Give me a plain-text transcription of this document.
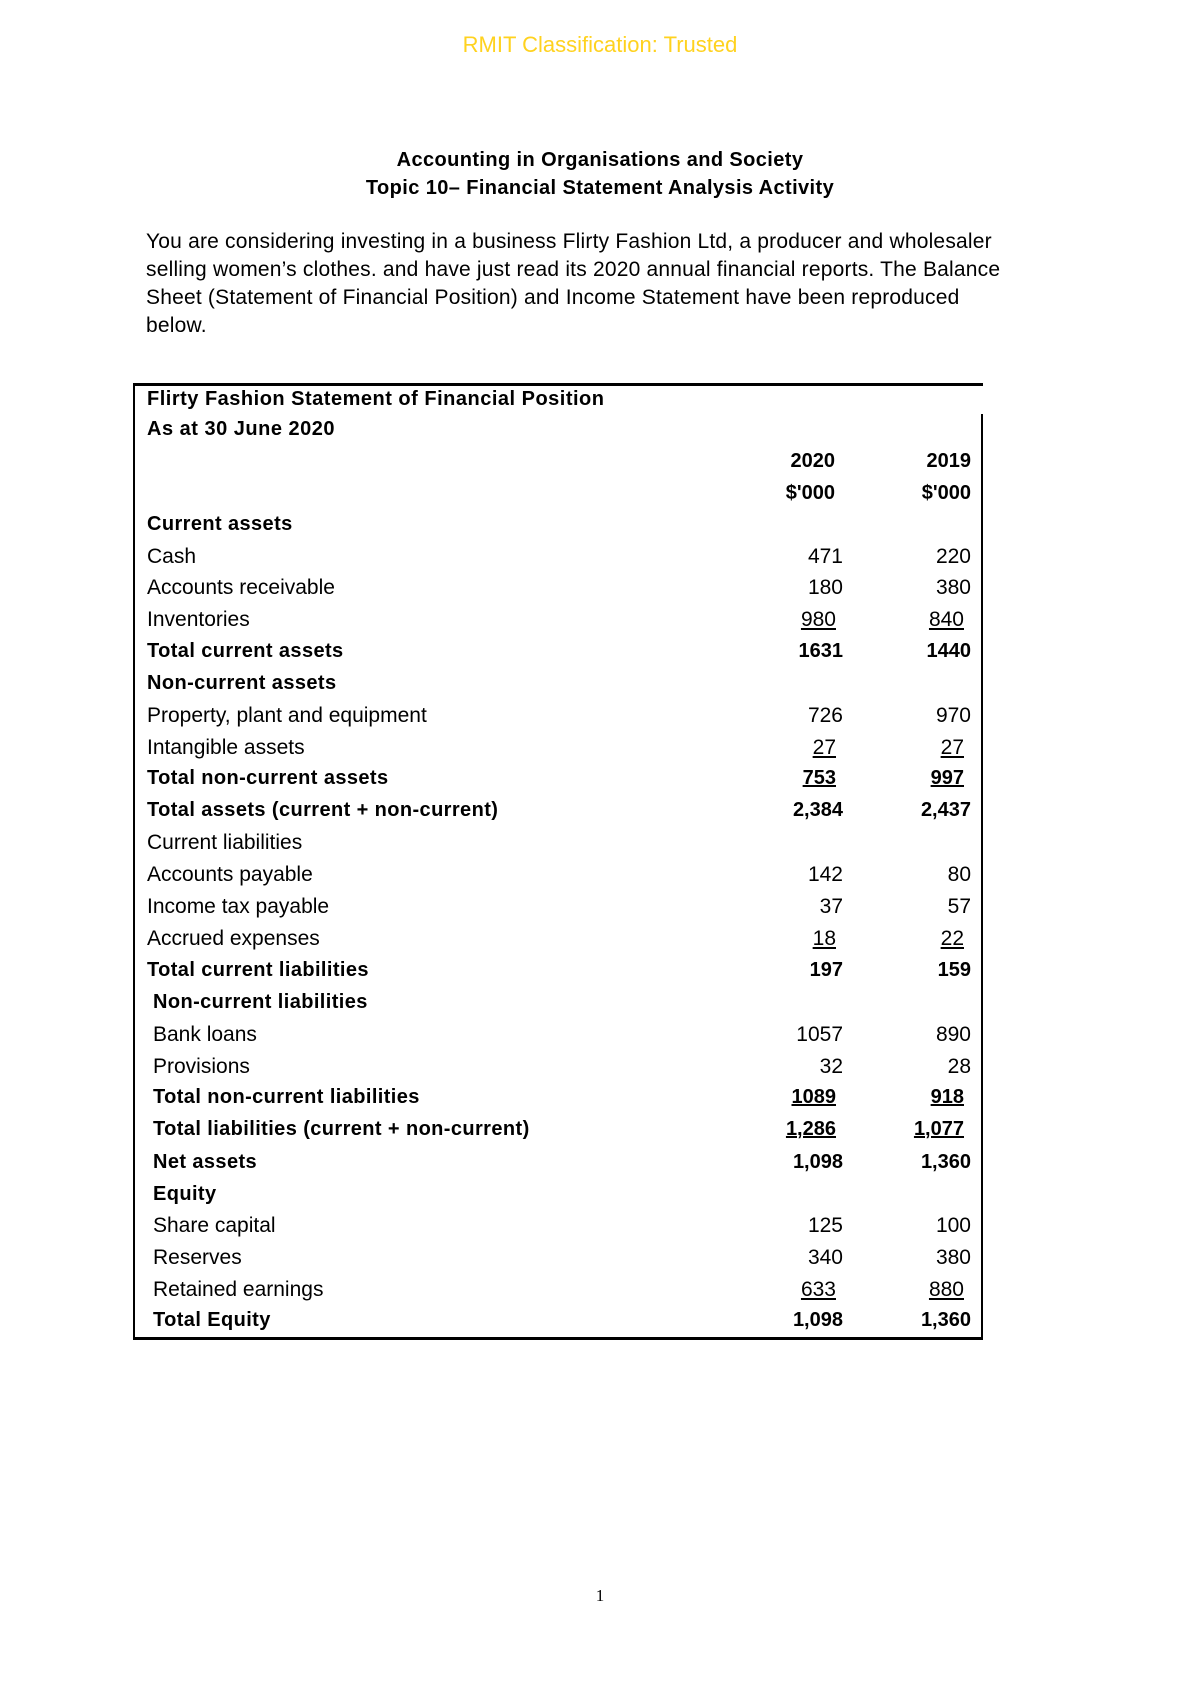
RMIT Classification: Trusted
Accounting in Organisations and Society
Topic 10– Financial Statement Analysis Activity
You are considering investing in a business Flirty Fashion Ltd, a producer and wholesaler
selling women’s clothes. and have just read its 2020 annual financial reports. The Balance
Sheet (Statement of Financial Position) and Income Statement have been reproduced
below.
Flirty Fashion Statement of Financial Position
As at 30 June 2020
2020	2019
$'000	$'000
Current assets
Cash	471	220
Accounts receivable	180	380
Inventories	980	840
Total current assets	1631	1440
Non-current assets
Property, plant and equipment	726	970
Intangible assets	27	27
Total non-current assets	753	997
Total assets (current + non-current)	2,384	2,437
Current liabilities
Accounts payable	142	80
Income tax payable	37	57
Accrued expenses	18	22
Total current liabilities	197	159
Non-current liabilities
Bank loans	1057	890
Provisions	32	28
Total non-current liabilities	1089	918
Total liabilities (current + non-current)	1,286	1,077
Net assets	1,098	1,360
Equity
Share capital	125	100
Reserves	340	380
Retained earnings	633	880
Total Equity	1,098	1,360
1
